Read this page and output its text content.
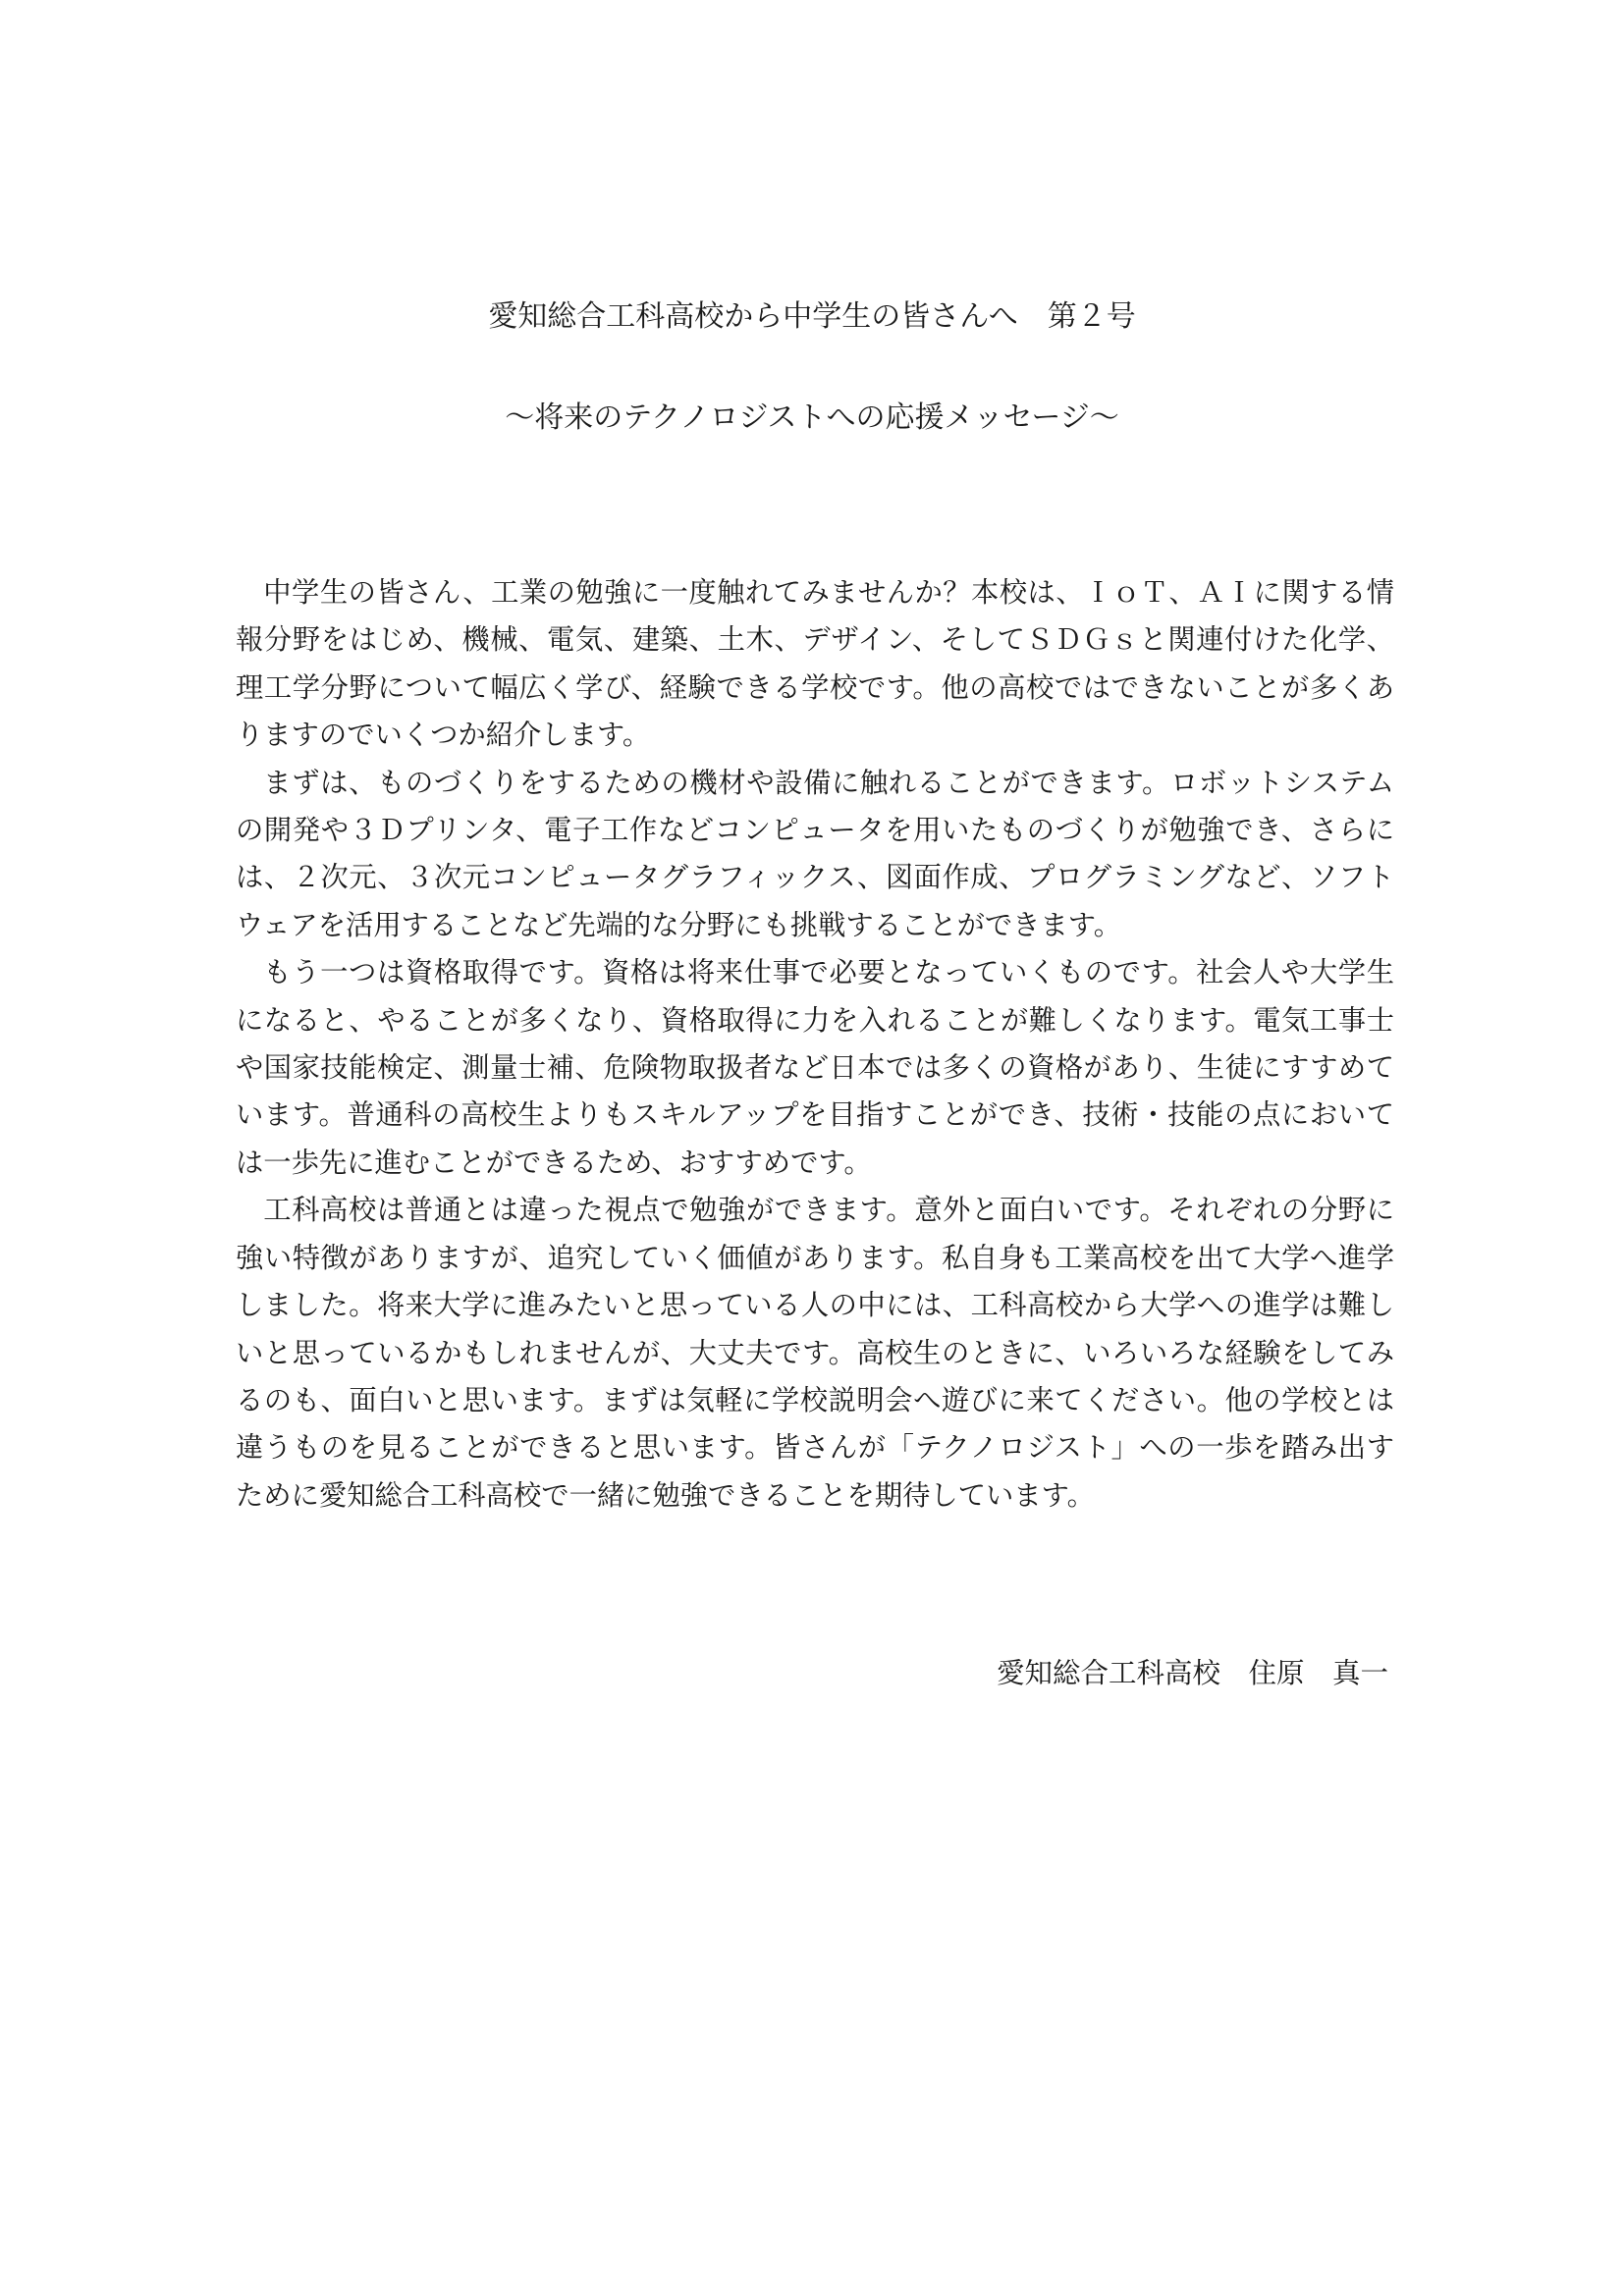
愛知総合工科高校から中学生の皆さんへ　第２号
〜将来のテクノロジストへの応援メッセージ〜

中学生の皆さん、工業の勉強に一度触れてみませんか？本校は、ＩｏＴ、ＡＩに関する情報分野をはじめ、機械、電気、建築、土木、デザイン、そしてＳＤＧｓと関連付けた化学、理工学分野について幅広く学び、経験できる学校です。他の高校ではできないことが多くありますのでいくつか紹介します。

まずは、ものづくりをするための機材や設備に触れることができます。ロボットシステムの開発や３Ｄプリンタ、電子工作などコンピュータを用いたものづくりが勉強でき、さらには、２次元、３次元コンピュータグラフィックス、図面作成、プログラミングなど、ソフトウェアを活用することなど先端的な分野にも挑戦することができます。

もう一つは資格取得です。資格は将来仕事で必要となっていくものです。社会人や大学生になると、やることが多くなり、資格取得に力を入れることが難しくなります。電気工事士や国家技能検定、測量士補、危険物取扱者など日本では多くの資格があり、生徒にすすめています。普通科の高校生よりもスキルアップを目指すことができ、技術・技能の点においては一歩先に進むことができるため、おすすめです。

工科高校は普通とは違った視点で勉強ができます。意外と面白いです。それぞれの分野に強い特徴がありますが、追究していく価値があります。私自身も工業高校を出て大学へ進学しました。将来大学に進みたいと思っている人の中には、工科高校から大学への進学は難しいと思っているかもしれませんが、大丈夫です。高校生のときに、いろいろな経験をしてみるのも、面白いと思います。まずは気軽に学校説明会へ遊びに来てください。他の学校とは違うものを見ることができると思います。皆さんが「テクノロジスト」への一歩を踏み出すために愛知総合工科高校で一緒に勉強できることを期待しています。

愛知総合工科高校　住原　真一
